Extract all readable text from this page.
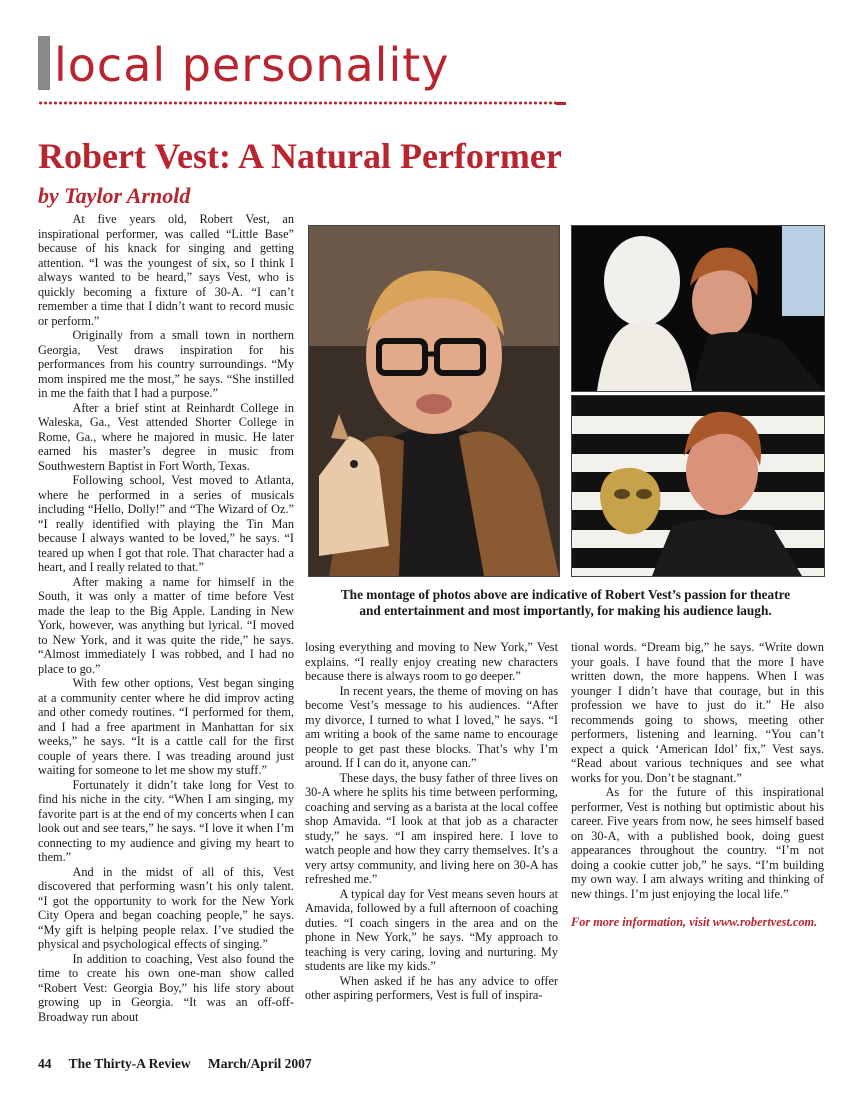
local personality
Robert Vest: A Natural Performer
by Taylor Arnold

At five years old, Robert Vest, an inspirational performer, was called “Little Base” because of his knack for singing and getting attention. “I was the youngest of six, so I think I always wanted to be heard,” says Vest, who is quickly becoming a fixture of 30-A. “I can’t remember a time that I didn’t want to record music or perform.”

Originally from a small town in northern Georgia, Vest draws inspiration for his performances from his country surroundings. “My mom inspired me the most,” he says. “She instilled in me the faith that I had a purpose.”

After a brief stint at Reinhardt College in Waleska, Ga., Vest attended Shorter College in Rome, Ga., where he majored in music. He later earned his master’s degree in music from Southwestern Baptist in Fort Worth, Texas.

Following school, Vest moved to Atlanta, where he performed in a series of musicals including “Hello, Dolly!” and “The Wizard of Oz.” “I really identified with playing the Tin Man because I always wanted to be loved,” he says. “I teared up when I got that role. That character had a heart, and I really related to that.”

After making a name for himself in the South, it was only a matter of time before Vest made the leap to the Big Apple. Landing in New York, however, was anything but lyrical. “I moved to New York, and it was quite the ride,” he says. “Almost immediately I was robbed, and I had no place to go.”

With few other options, Vest began singing at a community center where he did improv acting and other comedy routines. “I performed for them, and I had a free apartment in Manhattan for six weeks,” he says. “It is a cattle call for the first couple of years there. I was treading around just waiting for someone to let me show my stuff.”

Fortunately it didn’t take long for Vest to find his niche in the city. “When I am singing, my favorite part is at the end of my concerts when I can look out and see tears,” he says. “I love it when I’m connecting to my audience and giving my heart to them.”

And in the midst of all of this, Vest discovered that performing wasn’t his only talent. “I got the opportunity to work for the New York City Opera and began coaching people,” he says. “My gift is helping people relax. I’ve studied the physical and psychological effects of singing.”

In addition to coaching, Vest also found the time to create his own one-man show called “Robert Vest: Georgia Boy,” his life story about growing up in Georgia. “It was an off-off-Broadway run about

The montage of photos above are indicative of Robert Vest’s passion for theatre
and entertainment and most importantly, for making his audience laugh.

losing everything and moving to New York,” Vest explains. “I really enjoy creating new characters because there is always room to go deeper.”

In recent years, the theme of moving on has become Vest’s message to his audiences. “After my divorce, I turned to what I loved,” he says. “I am writing a book of the same name to encourage people to get past these blocks. That’s why I’m around. If I can do it, anyone can.”

These days, the busy father of three lives on 30-A where he splits his time between performing, coaching and serving as a barista at the local coffee shop Amavida. “I look at that job as a character study,” he says. “I am inspired here. I love to watch people and how they carry themselves. It’s a very artsy community, and living here on 30-A has refreshed me.”

A typical day for Vest means seven hours at Amavida, followed by a full afternoon of coaching duties. “I coach singers in the area and on the phone in New York,” he says. “My approach to teaching is very caring, loving and nurturing. My students are like my kids.”

When asked if he has any advice to offer other aspiring performers, Vest is full of inspira-

tional words. “Dream big,” he says. “Write down your goals. I have found that the more I have written down, the more happens. When I was younger I didn’t have that courage, but in this profession we have to just do it.” He also recommends going to shows, meeting other performers, listening and learning. “You can’t expect a quick ‘American Idol’ fix,” Vest says. “Read about various techniques and see what works for you. Don’t be stagnant.”

As for the future of this inspirational performer, Vest is nothing but optimistic about his career. Five years from now, he sees himself based on 30-A, with a published book, doing guest appearances throughout the country. “I’m not doing a cookie cutter job,” he says. “I’m building my own way. I am always writing and thinking of new things. I’m just enjoying the local life.”

For more information, visit www.robertvest.com.

44 The Thirty-A Review March/April 2007
